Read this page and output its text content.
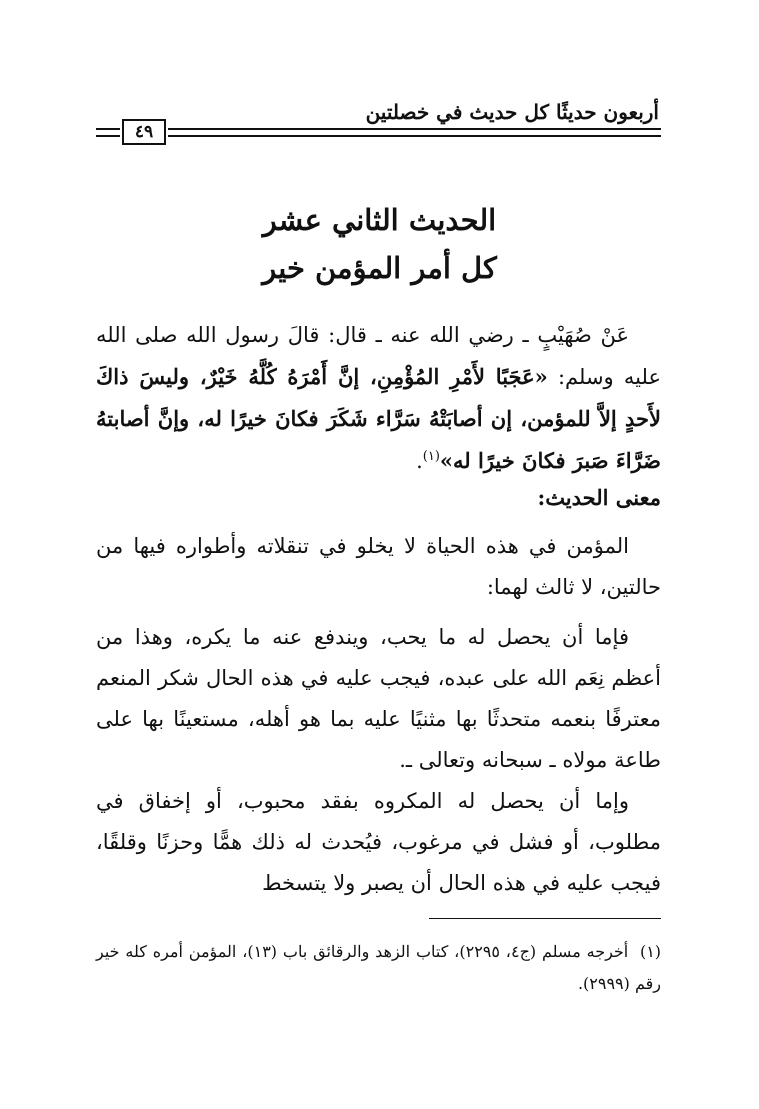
أربعون حديثًا كل حديث في خصلتين
٤٩
الحديث الثاني عشر
كل أمر المؤمن خير
عَنْ صُهَيْبٍ ـ رضي الله عنه ـ قال: قالَ رسول الله صلى الله عليه وسلم: «عَجَبًا لأَمْرِ المُؤْمِنِ، إنَّ أَمْرَهُ كُلَّهُ خَيْرٌ، وليسَ ذاكَ لأَحدٍ إلاَّ للمؤمن، إن أصابَتْهُ سَرَّاء شَكَرَ فكانَ خيرًا له، وإنَّ أصابتهُ ضَرَّاءَ صَبرَ فكانَ خيرًا له»$^{(١)}$.
معنى الحديث:
المؤمن في هذه الحياة لا يخلو في تنقلاته وأطواره فيها من حالتين، لا ثالث لهما:
فإما أن يحصل له ما يحب، ويندفع عنه ما يكره، وهذا من أعظم نِعَم الله على عبده، فيجب عليه في هذه الحال شكر المنعم معترفًا بنعمه متحدثًا بها مثنيًا عليه بما هو أهله، مستعينًا بها على طاعة مولاه ـ سبحانه وتعالى ـ.
وإما أن يحصل له المكروه بفقد محبوب، أو إخفاق في مطلوب، أو فشل في مرغوب، فيُحدث له ذلك همًّا وحزنًا وقلقًا، فيجب عليه في هذه الحال أن يصبر ولا يتسخط
(١)  أخرجه مسلم (ج٤، ٢٢٩٥)، كتاب الزهد والرقائق باب (١٣)، المؤمن أمره كله خير رقم (٢٩٩٩).
